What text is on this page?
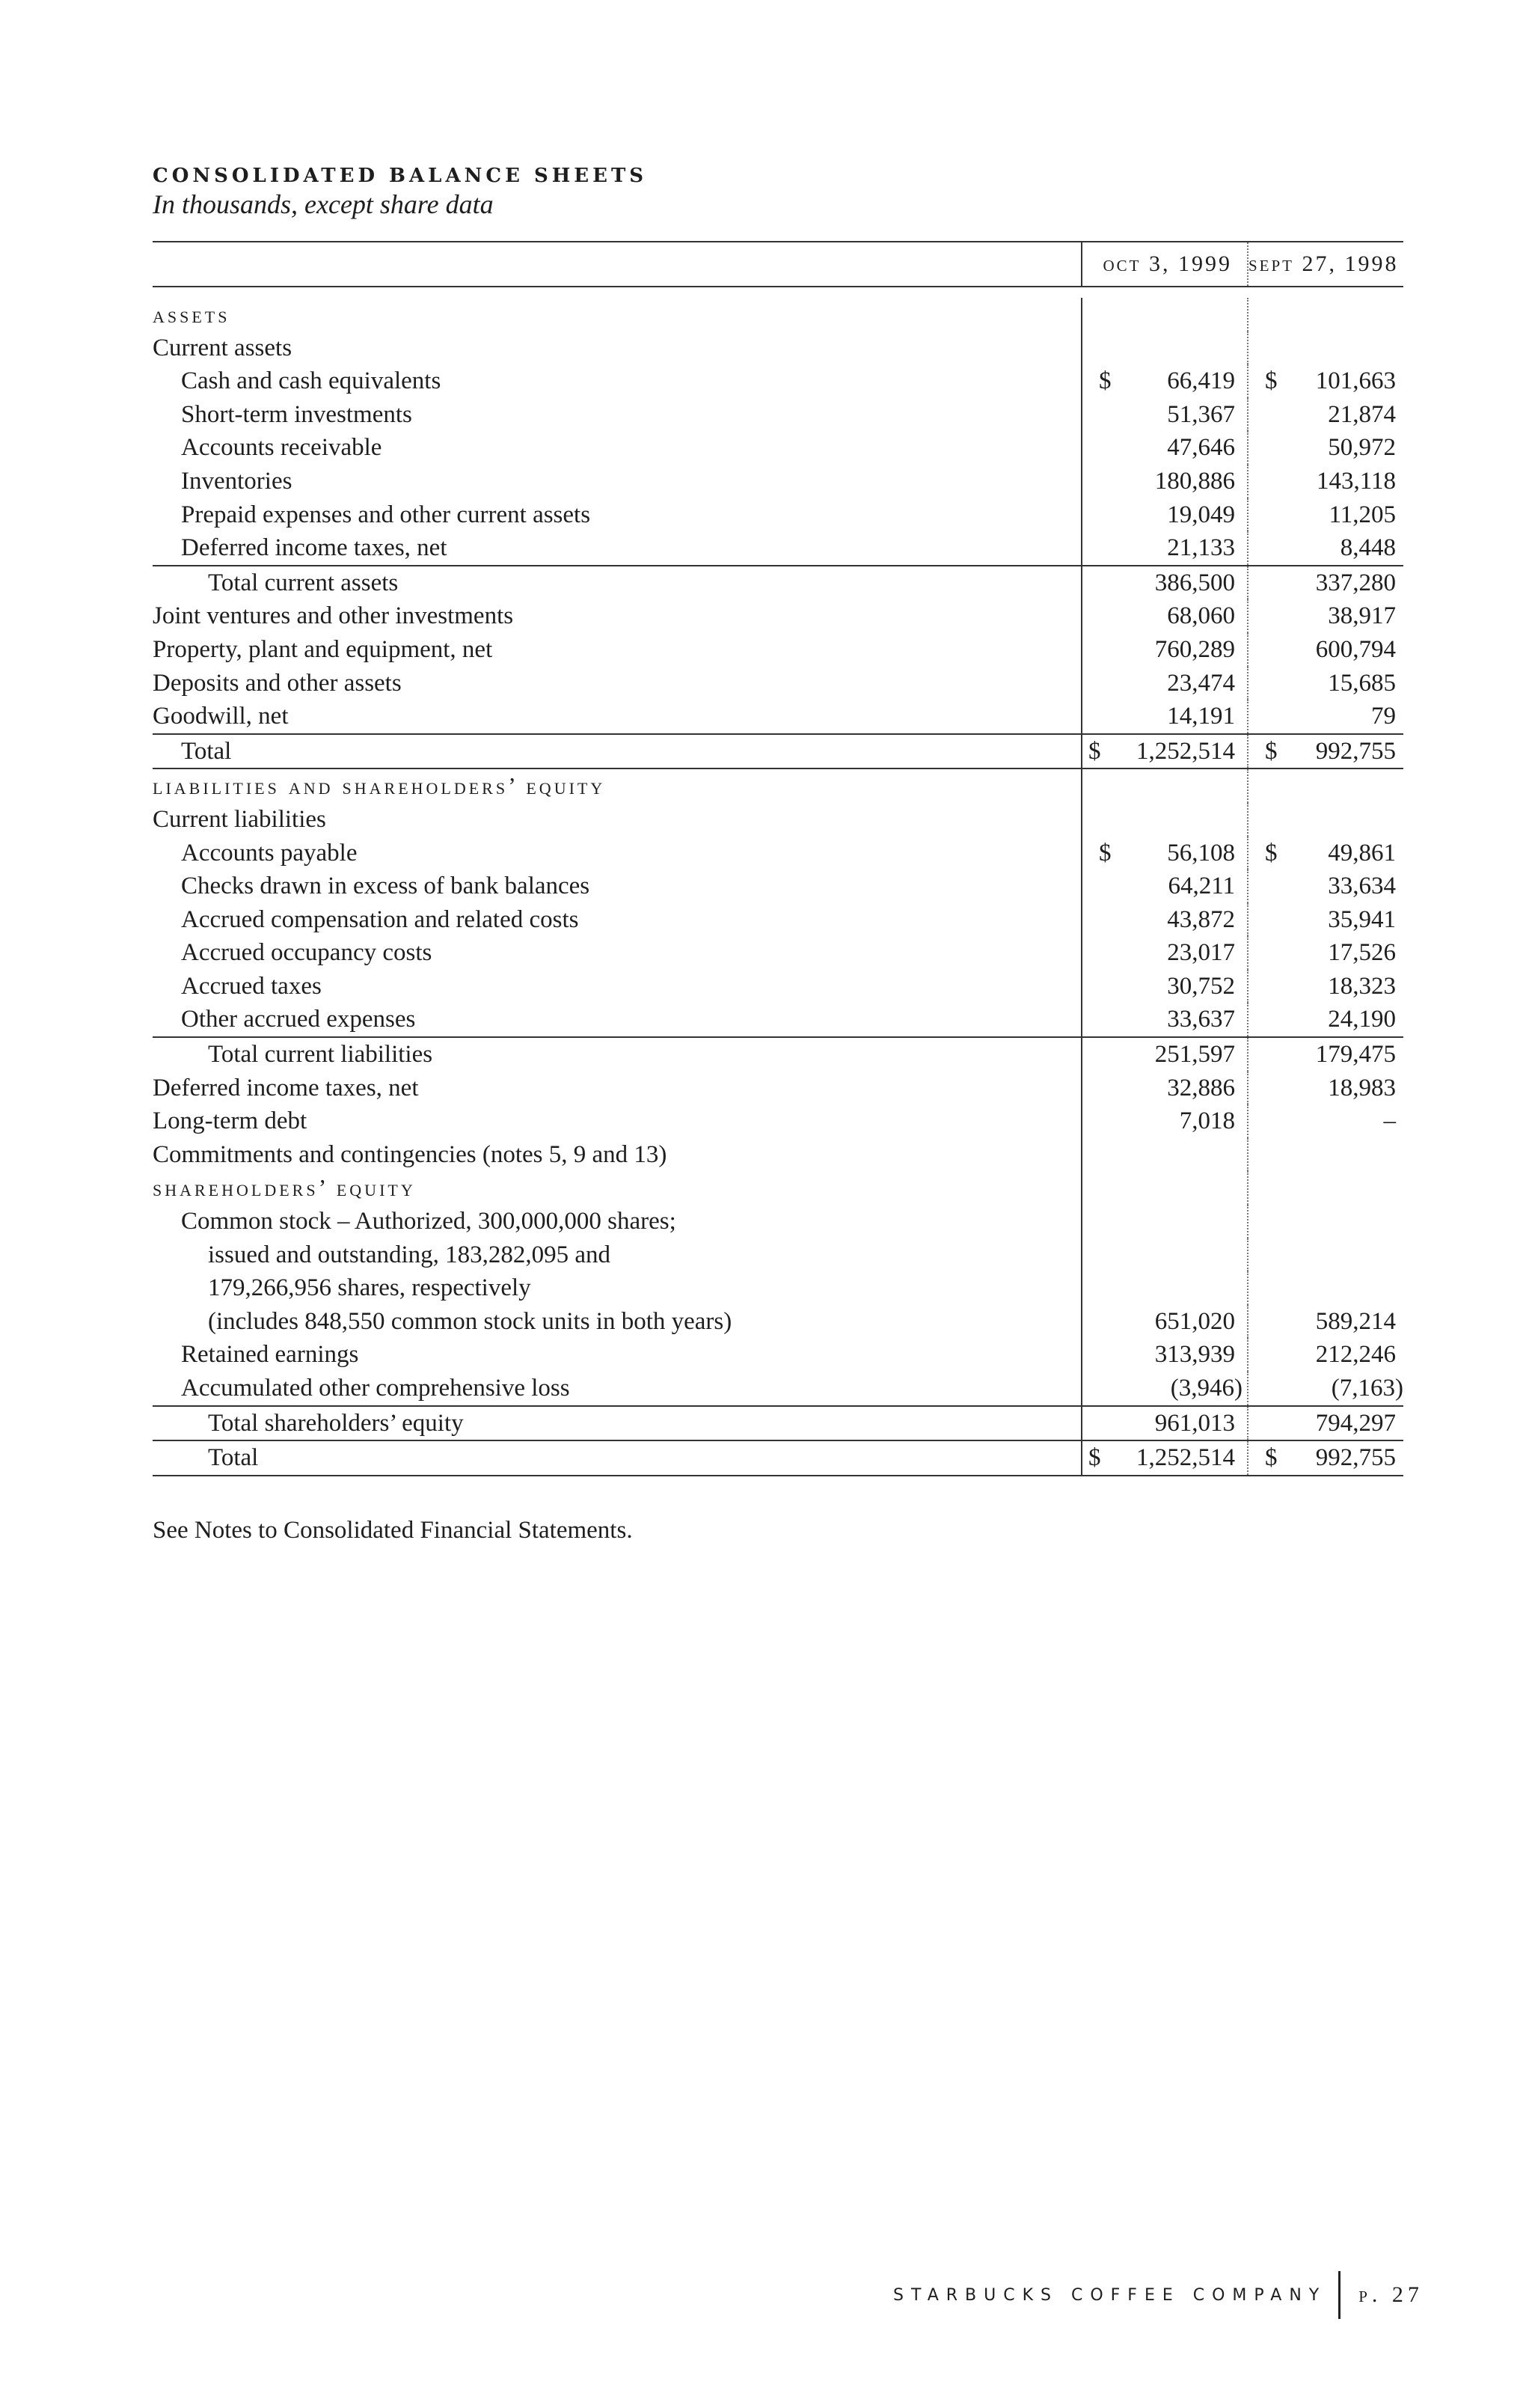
CONSOLIDATED BALANCE SHEETS
In thousands, except share data
	oct 3, 1999	sept 27, 1998

assets		
Current assets		
Cash and cash equivalents	$ 66,419	$ 101,663
Short-term investments	51,367	21,874
Accounts receivable	47,646	50,972
Inventories	180,886	143,118
Prepaid expenses and other current assets	19,049	11,205
Deferred income taxes, net	21,133	8,448
Total current assets	386,500	337,280
Joint ventures and other investments	68,060	38,917
Property, plant and equipment, net	760,289	600,794
Deposits and other assets	23,474	15,685
Goodwill, net	14,191	79
Total	$ 1,252,514	$ 992,755
liabilities and shareholders’ equity		
Current liabilities		
Accounts payable	$ 56,108	$ 49,861
Checks drawn in excess of bank balances	64,211	33,634
Accrued compensation and related costs	43,872	35,941
Accrued occupancy costs	23,017	17,526
Accrued taxes	30,752	18,323
Other accrued expenses	33,637	24,190
Total current liabilities	251,597	179,475
Deferred income taxes, net	32,886	18,983
Long-term debt	7,018	–
Commitments and contingencies (notes 5, 9 and 13)		
shareholders’ equity		
Common stock – Authorized, 300,000,000 shares;		
issued and outstanding, 183,282,095 and		
179,266,956 shares, respectively		
(includes 848,550 common stock units in both years)	651,020	589,214
Retained earnings	313,939	212,246
Accumulated other comprehensive loss	(3,946)	(7,163)
Total shareholders’ equity	961,013	794,297
Total	$ 1,252,514	$ 992,755
See Notes to Consolidated Financial Statements.
STARBUCKS COFFEE COMPANY p. 27
